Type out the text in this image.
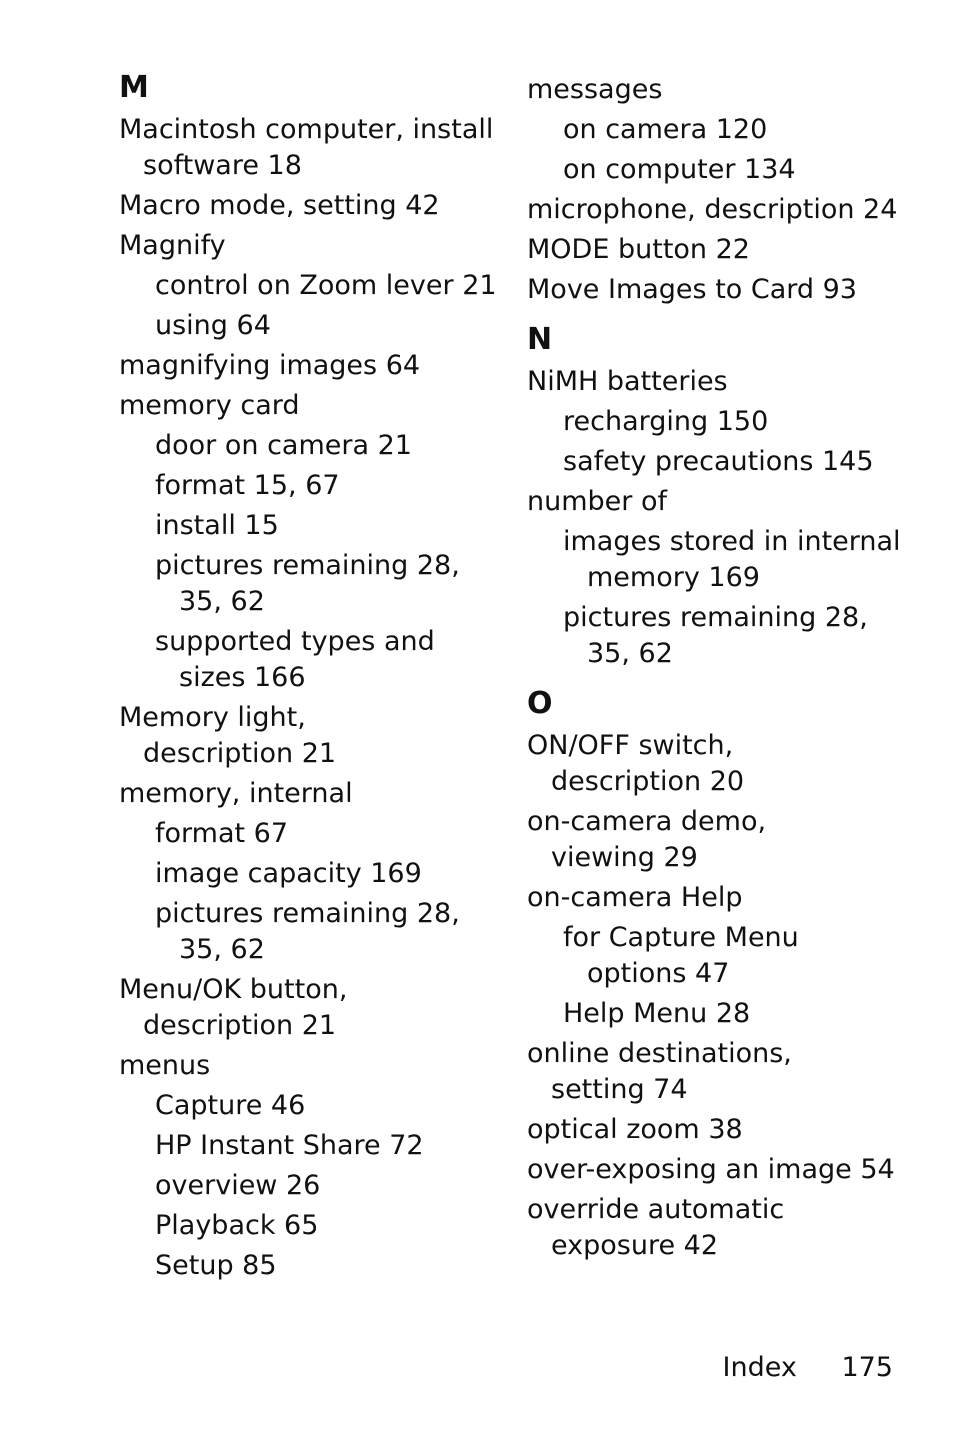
M
Macintosh computer, install
software 18
Macro mode, setting 42
Magnify
control on Zoom lever 21
using 64
magnifying images 64
memory card
door on camera 21
format 15, 67
install 15
pictures remaining 28,
35, 62
supported types and
sizes 166
Memory light,
description 21
memory, internal
format 67
image capacity 169
pictures remaining 28,
35, 62
Menu/OK button,
description 21
menus
Capture 46
HP Instant Share 72
overview 26
Playback 65
Setup 85
messages
on camera 120
on computer 134
microphone, description 24
MODE button 22
Move Images to Card 93
N
NiMH batteries
recharging 150
safety precautions 145
number of
images stored in internal
memory 169
pictures remaining 28,
35, 62
O
ON/OFF switch,
description 20
on-camera demo,
viewing 29
on-camera Help
for Capture Menu
options 47
Help Menu 28
online destinations,
setting 74
optical zoom 38
over-exposing an image 54
override automatic
exposure 42
Index 175
